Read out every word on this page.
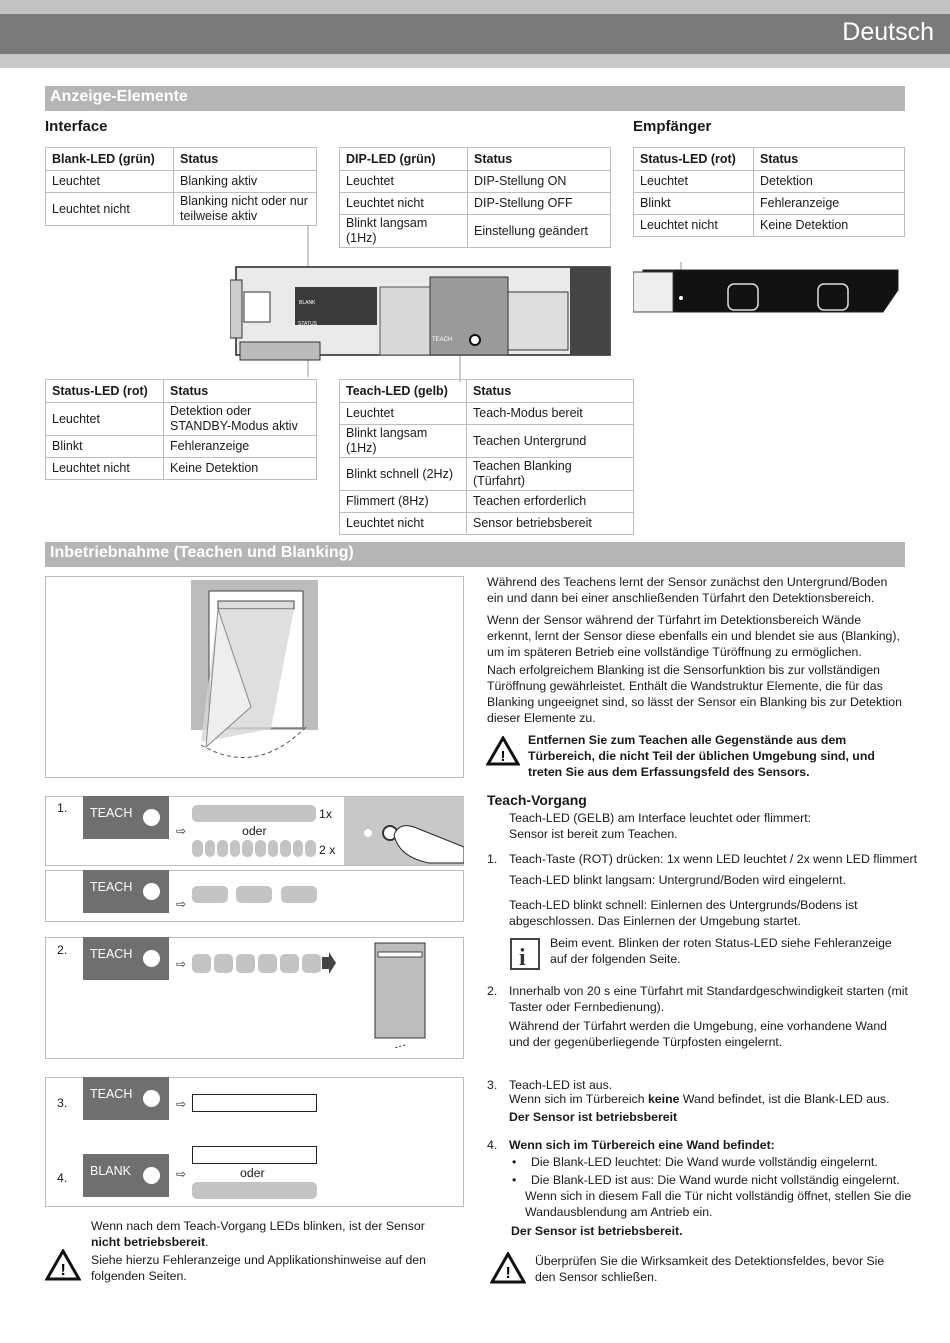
Deutsch
Anzeige-Elemente
Interface	Empfänger
Blank-LED (grün)	Status
Leuchtet	Blanking aktiv
Leuchtet nicht	Blanking nicht oder nur teilweise aktiv
DIP-LED (grün)	Status
Leuchtet	DIP-Stellung ON
Leuchtet nicht	DIP-Stellung OFF
Blinkt langsam (1Hz)	Einstellung geändert
Status-LED (rot)	Status
Leuchtet	Detektion
Blinkt	Fehleranzeige
Leuchtet nicht	Keine Detektion
BLANK
STATUS
TEACH
Status-LED (rot)	Status
Leuchtet	Detektion oder STANDBY-Modus aktiv
Blinkt	Fehleranzeige
Leuchtet nicht	Keine Detektion
Teach-LED (gelb)	Status
Leuchtet	Teach-Modus bereit
Blinkt langsam (1Hz)	Teachen Untergrund
Blinkt schnell (2Hz)	Teachen Blanking (Türfahrt)
Flimmert (8Hz)	Teachen erforderlich
Leuchtet nicht	Sensor betriebsbereit
Inbetriebnahme (Teachen und Blanking)
1.	TEACH
⇨	oder
1x
2 x
TEACH
⇨
2.	TEACH
⇨
3.
TEACH
⇨
4.	BLANK	⇨	oder
!
Wenn nach dem Teach-Vorgang LEDs blinken, ist der Sensor
nicht betriebsbereit.
Siehe hierzu Fehleranzeige und Applikationshinweise auf den folgenden Seiten.
Während des Teachens lernt der Sensor zunächst den Untergrund/Boden ein und dann bei einer anschließenden Türfahrt den Detektionsbereich.
Wenn der Sensor während der Türfahrt im Detektionsbereich Wände erkennt, lernt der Sensor diese ebenfalls ein und blendet sie aus (Blanking), um im späteren Betrieb eine vollständige Türöffnung zu ermöglichen.
Nach erfolgreichem Blanking ist die Sensorfunktion bis zur vollständigen Türöffnung gewährleistet. Enthält die Wandstruktur Elemente, die für das Blanking ungeeignet sind, so lässt der Sensor ein Blanking bis zur Detektion dieser Elemente zu.
!
Entfernen Sie zum Teachen alle Gegenstände aus dem Türbereich, die nicht Teil der üblichen Umgebung sind, und treten Sie aus dem Erfassungsfeld des Sensors.
Teach-Vorgang
Teach-LED (GELB) am Interface leuchtet oder flimmert:
Sensor ist bereit zum Teachen.
1. Teach-Taste (ROT) drücken: 1x wenn LED leuchtet / 2x wenn LED flimmert
Teach-LED blinkt langsam: Untergrund/Boden wird eingelernt.
Teach-LED blinkt schnell: Einlernen des Untergrunds/Bodens ist abgeschlossen. Das Einlernen der Umgebung startet.
i
Beim event. Blinken der roten Status-LED siehe Fehleranzeige auf der folgenden Seite.
2. Innerhalb von 20 s eine Türfahrt mit Standardgeschwindigkeit starten (mit Taster oder Fernbedienung).
Während der Türfahrt werden die Umgebung, eine vorhandene Wand und der gegenüberliegende Türpfosten eingelernt.
3. Teach-LED ist aus.
Wenn sich im Türbereich keine Wand befindet, ist die Blank-LED aus.
Der Sensor ist betriebsbereit
4. Wenn sich im Türbereich eine Wand befindet:
• Die Blank-LED leuchtet: Die Wand wurde vollständig eingelernt.
• Die Blank-LED ist aus: Die Wand wurde nicht vollständig eingelernt.
Wenn sich in diesem Fall die Tür nicht vollständig öffnet, stellen Sie die Wandausblendung am Antrieb ein.
Der Sensor ist betriebsbereit.
!
Überprüfen Sie die Wirksamkeit des Detektionsfeldes, bevor Sie den Sensor schließen.
